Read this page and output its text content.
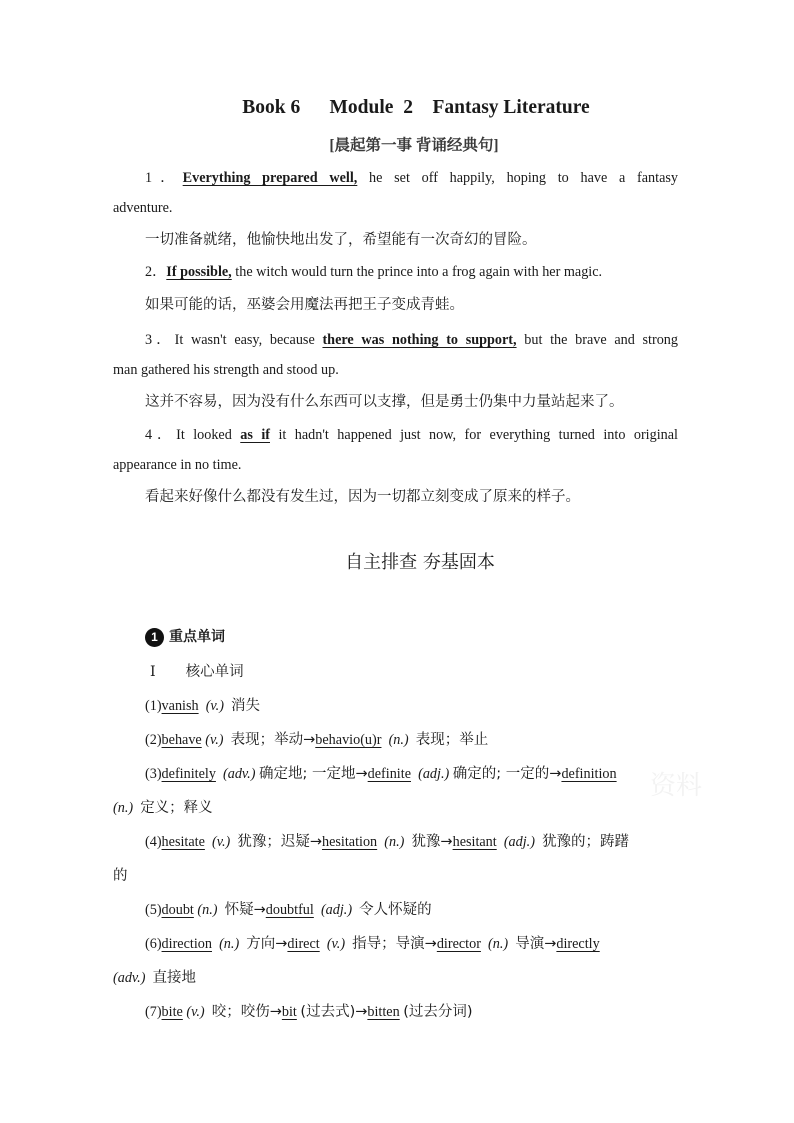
Book 6      Module  2    Fantasy Literature
[晨起第一事 背诵经典句]
1．Everything prepared well, he set off happily, hoping to have a fantasy
adventure.
一切准备就绪，他愉快地出发了，希望能有一次奇幻的冒险。
2．If possible, the witch would turn the prince into a frog again with her magic.
如果可能的话，巫婆会用魔法再把王子变成青蛙。
3．It wasn't easy, because there was nothing to support, but the brave and strong
man gathered his strength and stood up.
这并不容易，因为没有什么东西可以支撑，但是勇士仍集中力量站起来了。
4．It looked as if it hadn't happened just now, for everything turned into original
appearance in no time.
看起来好像什么都没有发生过，因为一切都立刻变成了原来的样子。
自主排查 夯基固本
1 重点单词
Ⅰ 核心单词
(1)vanish (v.) 消失
(2)behave (v.) 表现；举动→behavio(u)r (n.) 表现；举止
(3)definitely (adv.) 确定地; 一定地→definite (adj.) 确定的; 一定的→definition
(n.) 定义；释义
(4)hesitate (v.) 犹豫；迟疑→hesitation (n.) 犹豫→hesitant (adj.) 犹豫的；踌躇
的
(5)doubt (n.) 怀疑→doubtful (adj.) 令人怀疑的
(6)direction (n.) 方向→direct (v.) 指导；导演→director (n.) 导演→directly
(adv.) 直接地
(7)bite (v.) 咬；咬伤→bit (过去式)→bitten (过去分词)
资料
